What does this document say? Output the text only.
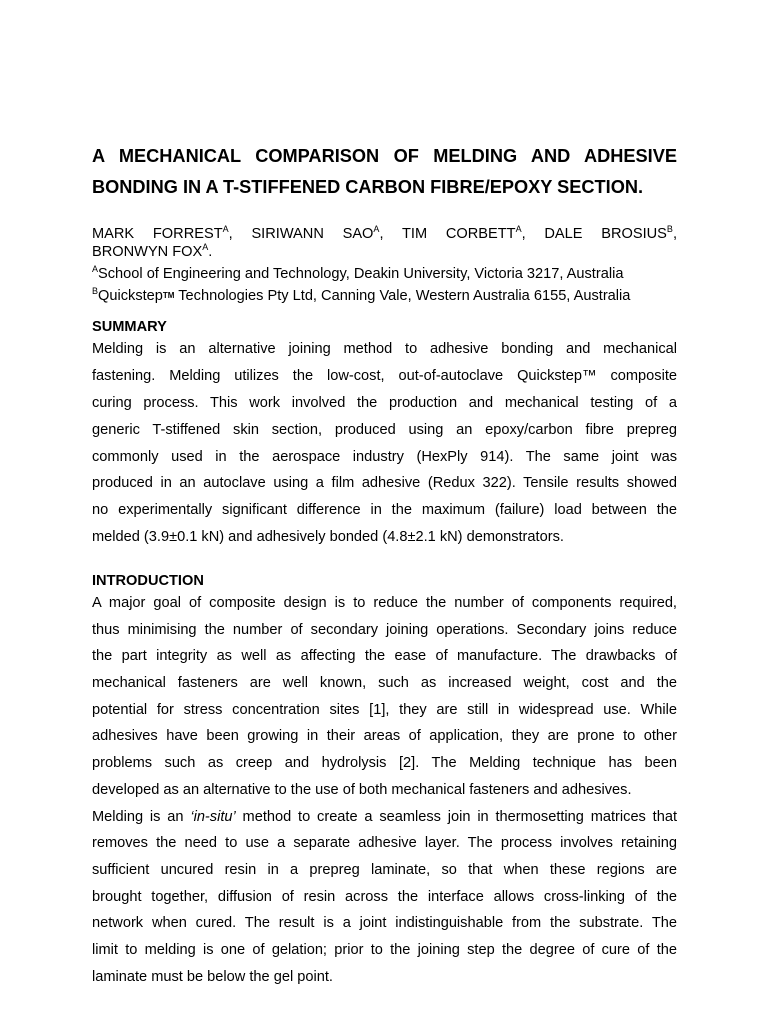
A MECHANICAL COMPARISON OF MELDING AND ADHESIVE
BONDING IN A T-STIFFENED CARBON FIBRE/EPOXY SECTION.
MARK $FORREST^A$, SIRIWANN $SAO^A$, TIM $CORBETT^A$, DALE $BROSIUS^B$,
BRONWYN $FOX^A$.
$^A$School of Engineering and Technology, Deakin University, Victoria 3217, Australia
$^B$QuickstepTM Technologies Pty Ltd, Canning Vale, Western Australia 6155, Australia
SUMMARY
Melding is an alternative joining method to adhesive bonding and mechanical
fastening. Melding utilizes the low-cost, out-of-autoclave Quickstep™ composite
curing process. This work involved the production and mechanical testing of a
generic T-stiffened skin section, produced using an epoxy/carbon fibre prepreg
commonly used in the aerospace industry (HexPly 914). The same joint was
produced in an autoclave using a film adhesive (Redux 322). Tensile results showed
no experimentally significant difference in the maximum (failure) load between the
melded (3.9±0.1 kN) and adhesively bonded (4.8±2.1 kN) demonstrators.
INTRODUCTION
A major goal of composite design is to reduce the number of components required,
thus minimising the number of secondary joining operations. Secondary joins reduce
the part integrity as well as affecting the ease of manufacture. The drawbacks of
mechanical fasteners are well known, such as increased weight, cost and the
potential for stress concentration sites [1], they are still in widespread use. While
adhesives have been growing in their areas of application, they are prone to other
problems such as creep and hydrolysis [2]. The Melding technique has been
developed as an alternative to the use of both mechanical fasteners and adhesives.
Melding is an ‘in-situ’ method to create a seamless join in thermosetting matrices that
removes the need to use a separate adhesive layer. The process involves retaining
sufficient uncured resin in a prepreg laminate, so that when these regions are
brought together, diffusion of resin across the interface allows cross-linking of the
network when cured. The result is a joint indistinguishable from the substrate. The
limit to melding is one of gelation; prior to the joining step the degree of cure of the
laminate must be below the gel point.
